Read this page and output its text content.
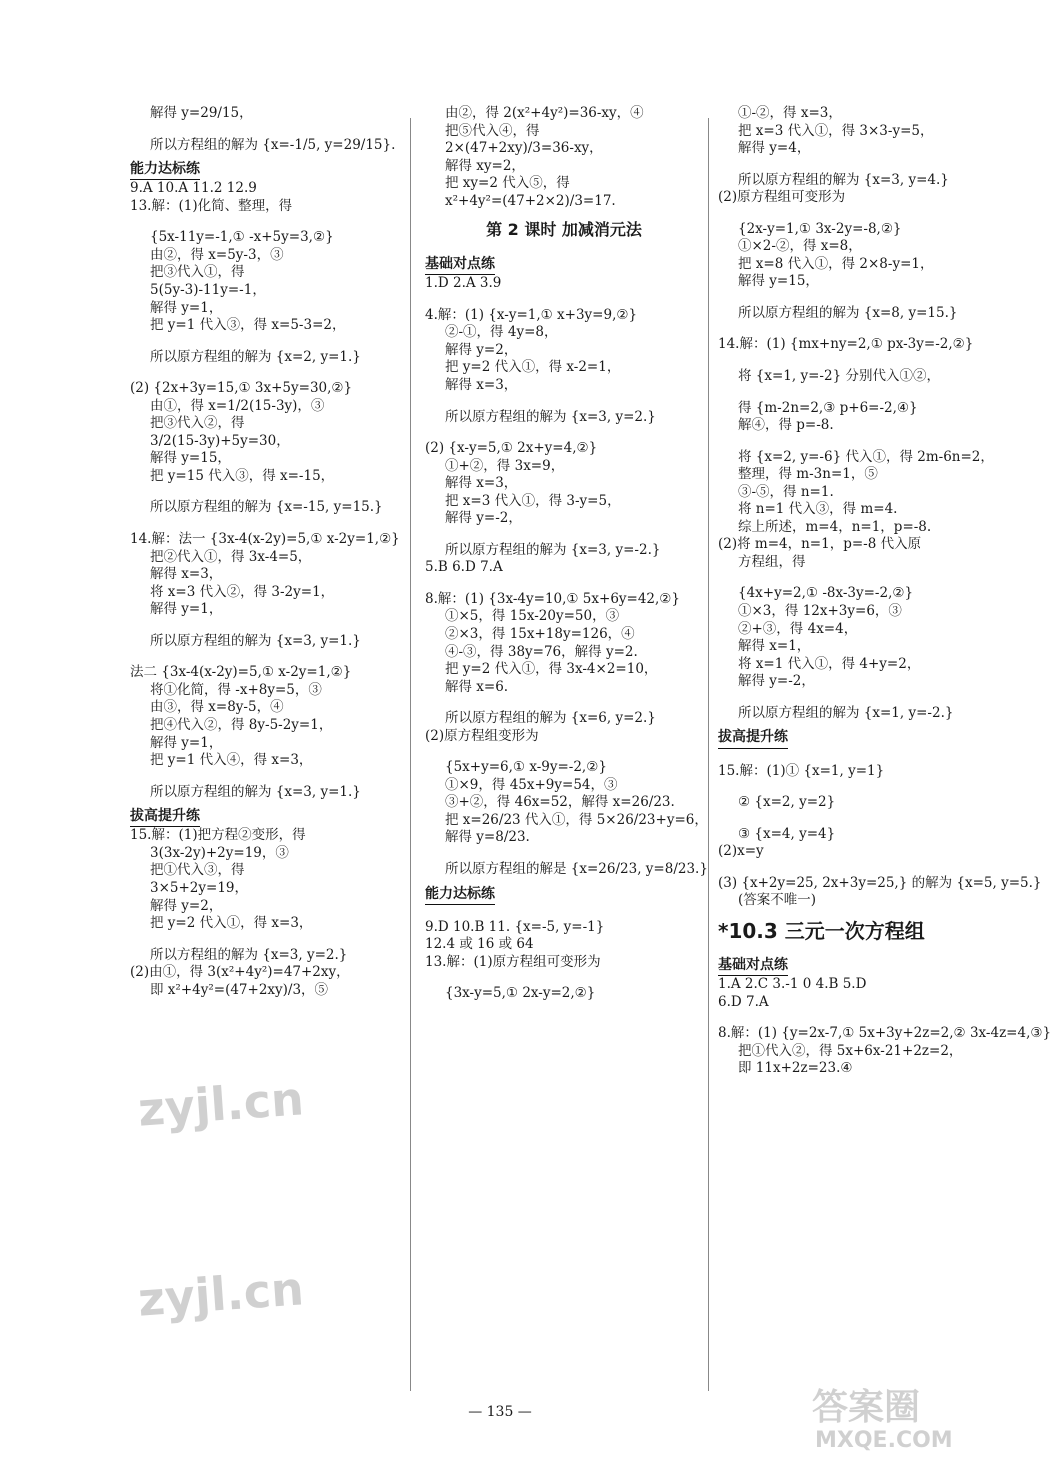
解得 y=29/15，
所以方程组的解为 {x=-1/5, y=29/15}.
能力达标练
9.A 10.A 11.2 12.9
13.解：(1)化简、整理，得
{5x-11y=-1,① -x+5y=3,②}
由②，得 x=5y-3，③
把③代入①，得
5(5y-3)-11y=-1，
解得 y=1，
把 y=1 代入③，得 x=5-3=2，
所以原方程组的解为 {x=2, y=1.}
(2) {2x+3y=15,① 3x+5y=30,②}
由①，得 x=1/2(15-3y)，③
把③代入②，得
3/2(15-3y)+5y=30，
解得 y=15，
把 y=15 代入③，得 x=-15，
所以原方程组的解为 {x=-15, y=15.}
14.解：法一 {3x-4(x-2y)=5,① x-2y=1,②}
把②代入①，得 3x-4=5，
解得 x=3，
将 x=3 代入②，得 3-2y=1，
解得 y=1，
所以原方程组的解为 {x=3, y=1.}
法二 {3x-4(x-2y)=5,① x-2y=1,②}
将①化简，得 -x+8y=5，③
由③，得 x=8y-5，④
把④代入②，得 8y-5-2y=1，
解得 y=1，
把 y=1 代入④，得 x=3，
所以原方程组的解为 {x=3, y=1.}
拔高提升练
15.解：(1)把方程②变形，得
3(3x-2y)+2y=19，③
把①代入③，得
3×5+2y=19，
解得 y=2，
把 y=2 代入①，得 x=3，
所以方程组的解为 {x=3, y=2.}
(2)由①，得 3(x²+4y²)=47+2xy，
即 x²+4y²=(47+2xy)/3，⑤
由②，得 2(x²+4y²)=36-xy，④
把⑤代入④，得
2×(47+2xy)/3=36-xy，
解得 xy=2，
把 xy=2 代入⑤，得
x²+4y²=(47+2×2)/3=17.
第 2 课时 加减消元法
基础对点练
1.D 2.A 3.9
4.解：(1) {x-y=1,① x+3y=9,②}
②-①，得 4y=8，
解得 y=2，
把 y=2 代入①，得 x-2=1，
解得 x=3，
所以原方程组的解为 {x=3, y=2.}
(2) {x-y=5,① 2x+y=4,②}
①+②，得 3x=9，
解得 x=3，
把 x=3 代入①，得 3-y=5，
解得 y=-2，
所以原方程组的解为 {x=3, y=-2.}
5.B 6.D 7.A
8.解：(1) {3x-4y=10,① 5x+6y=42,②}
①×5，得 15x-20y=50，③
②×3，得 15x+18y=126，④
④-③，得 38y=76，解得 y=2.
把 y=2 代入①，得 3x-4×2=10，
解得 x=6.
所以原方程组的解为 {x=6, y=2.}
(2)原方程组变形为
{5x+y=6,① x-9y=-2,②}
①×9，得 45x+9y=54，③
③+②，得 46x=52，解得 x=26/23.
把 x=26/23 代入①，得 5×26/23+y=6，
解得 y=8/23.
所以原方程组的解是 {x=26/23, y=8/23.}
能力达标练
9.D 10.B 11. {x=-5, y=-1}
12.4 或 16 或 64
13.解：(1)原方程组可变形为
{3x-y=5,① 2x-y=2,②}
①-②，得 x=3，
把 x=3 代入①，得 3×3-y=5，
解得 y=4，
所以原方程组的解为 {x=3, y=4.}
(2)原方程组可变形为
{2x-y=1,① 3x-2y=-8,②}
①×2-②，得 x=8，
把 x=8 代入①，得 2×8-y=1，
解得 y=15，
所以原方程组的解为 {x=8, y=15.}
14.解：(1) {mx+ny=2,① px-3y=-2,②}
将 {x=1, y=-2} 分别代入①②，
得 {m-2n=2,③ p+6=-2,④}
解④，得 p=-8.
将 {x=2, y=-6} 代入①，得 2m-6n=2，
整理，得 m-3n=1，⑤
③-⑤，得 n=1.
将 n=1 代入③，得 m=4.
综上所述，m=4，n=1，p=-8.
(2)将 m=4，n=1，p=-8 代入原
方程组，得
{4x+y=2,① -8x-3y=-2,②}
①×3，得 12x+3y=6，③
②+③，得 4x=4，
解得 x=1，
将 x=1 代入①，得 4+y=2，
解得 y=-2，
所以原方程组的解为 {x=1, y=-2.}
拔高提升练
15.解：(1)① {x=1, y=1}
② {x=2, y=2}
③ {x=4, y=4}
(2)x=y
(3) {x+2y=25, 2x+3y=25,} 的解为 {x=5, y=5.}
(答案不唯一)
*10.3 三元一次方程组
基础对点练
1.A 2.C 3.-1 0 4.B 5.D
6.D 7.A
8.解：(1) {y=2x-7,① 5x+3y+2z=2,② 3x-4z=4,③}
把①代入②，得 5x+6x-21+2z=2，
即 11x+2z=23.④
— 135 —
zyjl.cn
zyjl.cn
答案圈
MXQE.COM
